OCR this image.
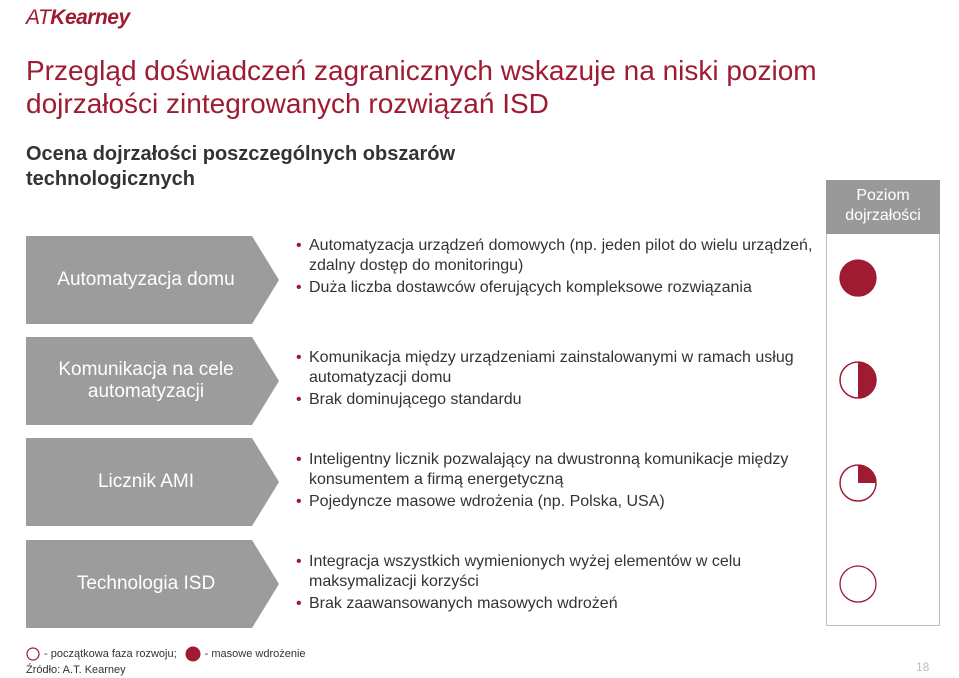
ATKearney
Przegląd doświadczeń zagranicznych wskazuje na niski poziom dojrzałości zintegrowanych rozwiązań ISD
Ocena dojrzałości poszczególnych obszarów technologicznych
Poziom dojrzałości
Automatyzacja domu
• Automatyzacja urządzeń domowych (np. jeden pilot do wielu urządzeń, zdalny dostęp do monitoringu)
• Duża liczba dostawców oferujących kompleksowe rozwiązania
Komunikacja na cele automatyzacji
• Komunikacja między urządzeniami zainstalowanymi w ramach usług automatyzacji domu
• Brak dominującego standardu
Licznik AMI
• Inteligentny licznik pozwalający na dwustronną komunikacje między konsumentem a firmą energetyczną
• Pojedyncze masowe wdrożenia (np. Polska, USA)
Technologia ISD
• Integracja wszystkich wymienionych wyżej elementów w celu maksymalizacji korzyści
• Brak zaawansowanych masowych wdrożeń
- początkowa faza rozwoju;	- masowe wdrożenie
Źródło: A.T. Kearney	18
